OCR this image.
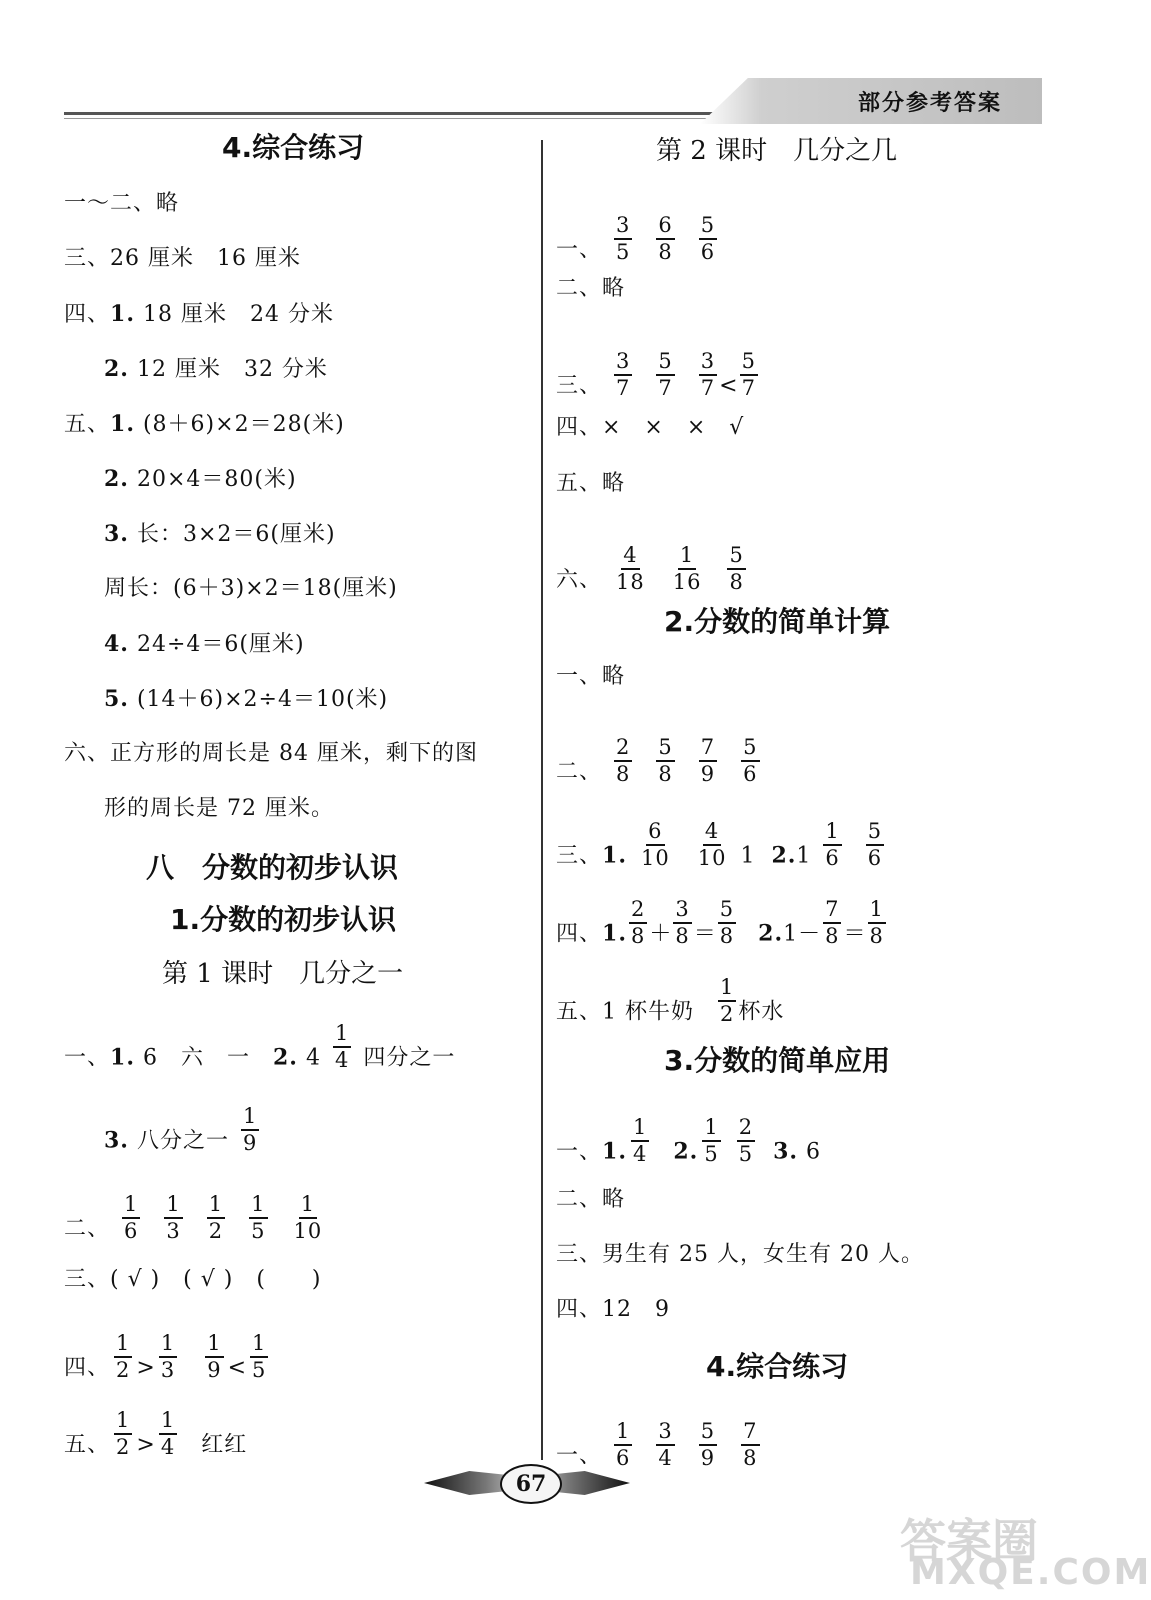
部分参考答案
4.综合练习
一～二、略
三、26 厘米　16 厘米
四、1. 18 厘米　24 分米
2. 12 厘米　32 分米
五、1. (8＋6)×2＝28(米)
2. 20×4＝80(米)
3. 长：3×2＝6(厘米)
周长：(6＋3)×2＝18(厘米)
4. 24÷4＝6(厘米)
5. (14＋6)×2÷4＝10(米)
六、正方形的周长是 84 厘米，剩下的图
形的周长是 72 厘米。
八　分数的初步认识
1.分数的初步认识
第 1 课时　几分之一
一、1. 6　六　一　2. $4 \frac{1}{4}$ 四分之一
3. 八分之一 $\frac{1}{9}$
二、 $\frac{1}{6} \frac{1}{3} \frac{1}{2} \frac{1}{5} \frac{1}{10}$
三、( √ )　( √ )　(　　)
四、 $\frac{1}{2} > \frac{1}{3} \frac{1}{9} < \frac{1}{5}$
五、 $\frac{1}{2} > \frac{1}{4}$ 红红
第 2 课时　几分之几
一、 $\frac{3}{5} \frac{6}{8} \frac{5}{6}$
二、略
三、 $\frac{3}{7} \frac{5}{7} \frac{3}{7} < \frac{5}{7}$
四、×　×　×　√
五、略
六、 $\frac{4}{18} \frac{1}{16} \frac{5}{8}$
2.分数的简单计算
一、略
二、 $\frac{2}{8} \frac{5}{8} \frac{7}{9} \frac{5}{6}$
三、1. $\frac{6}{10} \frac{4}{10} 1$ $2.1 \frac{1}{6} \frac{5}{6}$
四、1. $\frac{2}{8} + \frac{3}{8} = \frac{5}{8} 2.1- \frac{7}{8} = \frac{1}{8}$
五、1 杯牛奶 $\frac{1}{2}$ 杯水
3.分数的简单应用
一、1. $\frac{1}{4} 2$. $\frac{1}{5} \frac{2}{5} 3$. 6
二、略
三、男生有 25 人，女生有 20 人。
四、12　9
4.综合练习
一、 $\frac{1}{6} \frac{3}{4} \frac{5}{9} \frac{7}{8}$
67
答案圈
MXQE.COM
